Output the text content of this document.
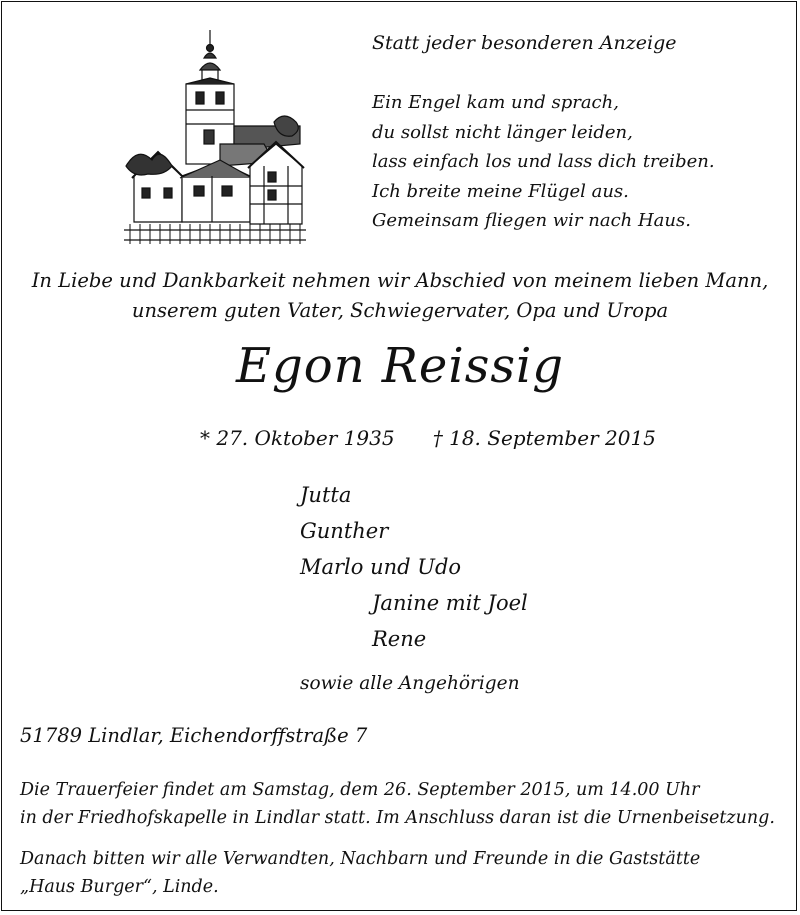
Statt jeder besonderen Anzeige
Ein Engel kam und sprach,
du sollst nicht länger leiden,
lass einfach los und lass dich treiben.
Ich breite meine Flügel aus.
Gemeinsam fliegen wir nach Haus.
In Liebe und Dankbarkeit nehmen wir Abschied von meinem lieben Mann,
unserem guten Vater, Schwiegervater, Opa und Uropa
Egon Reissig
* 27. Oktober 1935 † 18. September 2015
Jutta
Gunther
Marlo und Udo
Janine mit Joel
Rene
sowie alle Angehörigen
51789 Lindlar, Eichendorffstraße 7
Die Trauerfeier findet am Samstag, dem 26. September 2015, um 14.00 Uhr
in der Friedhofskapelle in Lindlar statt. Im Anschluss daran ist die Urnenbeisetzung.
Danach bitten wir alle Verwandten, Nachbarn und Freunde in die Gaststätte
„Haus Burger“, Linde.
